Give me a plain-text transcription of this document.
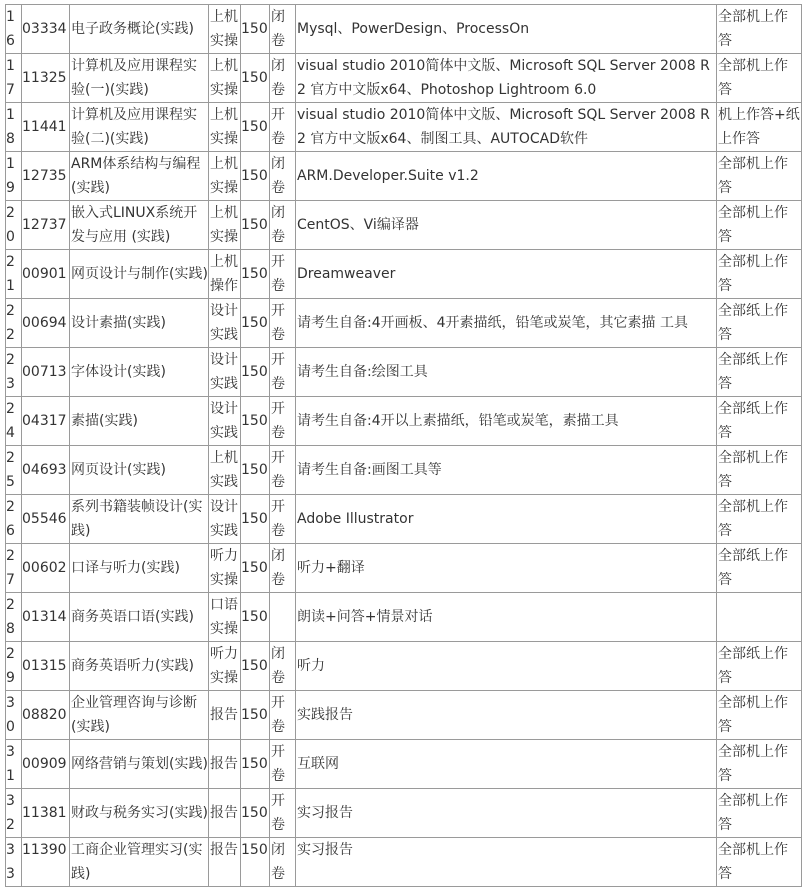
16	03334	电子政务概论(实践)	上机实操	150	闭卷	Mysql、PowerDesign、ProcessOn	全部机上作答
17	11325	计算机及应用课程实验(一)(实践)	上机实操	150	闭卷	visual studio 2010简体中文版、Microsoft SQL Server 2008 R2 官方中文版x64、Photoshop Lightroom 6.0	全部机上作答
18	11441	计算机及应用课程实验(二)(实践)	上机实操	150	开卷	visual studio 2010简体中文版、Microsoft SQL Server 2008 R2 官方中文版x64、制图工具、AUTOCAD软件	机上作答+纸上作答
19	12735	ARM体系结构与编程 (实践)	上机实操	150	闭卷	ARM.Developer.Suite v1.2	全部机上作答
20	12737	嵌入式LINUX系统开发与应用 (实践)	上机实操	150	闭卷	CentOS、Vi编译器	全部机上作答
21	00901	网页设计与制作(实践)	上机操作	150	开卷	Dreamweaver	全部机上作答
22	00694	设计素描(实践)	设计实践	150	开卷	请考生自备:4开画板、4开素描纸，铅笔或炭笔，其它素描 工具	全部纸上作答
23	00713	字体设计(实践)	设计实践	150	开卷	请考生自备:绘图工具	全部纸上作答
24	04317	素描(实践)	设计实践	150	开卷	请考生自备:4开以上素描纸，铅笔或炭笔，素描工具	全部纸上作答
25	04693	网页设计(实践)	上机实践	150	开卷	请考生自备:画图工具等	全部机上作答
26	05546	系列书籍装帧设计(实践)	设计实践	150	开卷	Adobe Illustrator	全部机上作答
27	00602	口译与听力(实践)	听力实操	150	闭卷	听力+翻译	全部纸上作答
28	01314	商务英语口语(实践)	口语实操	150		朗读+问答+情景对话	
29	01315	商务英语听力(实践)	听力实操	150	闭卷	听力	全部纸上作答
30	08820	企业管理咨询与诊断(实践)	报告	150	开卷	实践报告	全部机上作答
31	00909	网络营销与策划(实践)	报告	150	开卷	互联网	全部机上作答
32	11381	财政与税务实习(实践)	报告	150	开卷	实习报告	全部机上作答
33	11390	工商企业管理实习(实践)	报告	150	闭卷	实习报告	全部机上作答
